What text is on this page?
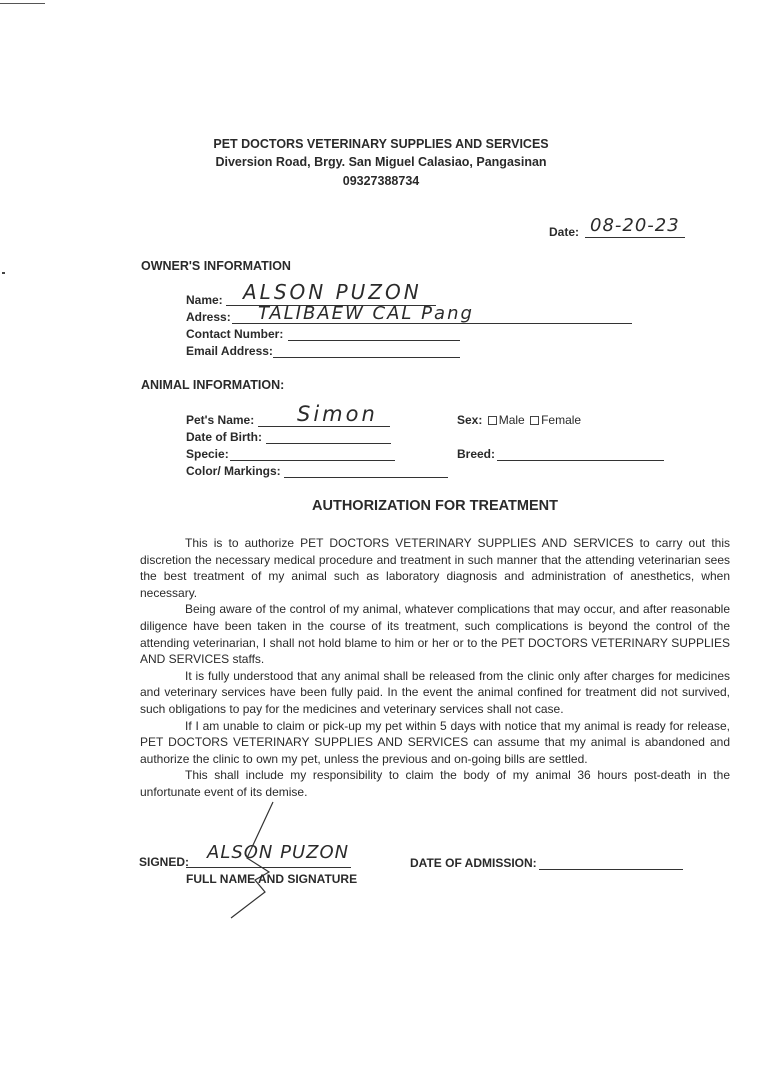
PET DOCTORS VETERINARY SUPPLIES AND SERVICES
Diversion Road, Brgy. San Miguel Calasiao, Pangasinan
09327388734
Date: 08-20-23
OWNER'S INFORMATION
Name: ALSON PUZON
Adress: TALIBAEW CAL Pang
Contact Number:
Email Address:
ANIMAL INFORMATION:
Pet's Name: Simon
Date of Birth:
Specie:
Color/ Markings:
Sex: Male Female
Breed:
AUTHORIZATION FOR TREATMENT

This is to authorize PET DOCTORS VETERINARY SUPPLIES AND SERVICES to carry out this discretion the necessary medical procedure and treatment in such manner that the attending veterinarian sees the best treatment of my animal such as laboratory diagnosis and administration of anesthetics, when necessary.

Being aware of the control of my animal, whatever complications that may occur, and after reasonable diligence have been taken in the course of its treatment, such complications is beyond the control of the attending veterinarian, I shall not hold blame to him or her or to the PET DOCTORS VETERINARY SUPPLIES AND SERVICES staffs.

It is fully understood that any animal shall be released from the clinic only after charges for medicines and veterinary services have been fully paid. In the event the animal confined for treatment did not survived, such obligations to pay for the medicines and veterinary services shall not case.

If I am unable to claim or pick-up my pet within 5 days with notice that my animal is ready for release, PET DOCTORS VETERINARY SUPPLIES AND SERVICES can assume that my animal is abandoned and authorize the clinic to own my pet, unless the previous and on-going bills are settled.

This shall include my responsibility to claim the body of my animal 36 hours post-death in the unfortunate event of its demise.

SIGNED: ALSON PUZON
FULL NAME AND SIGNATURE
DATE OF ADMISSION:
